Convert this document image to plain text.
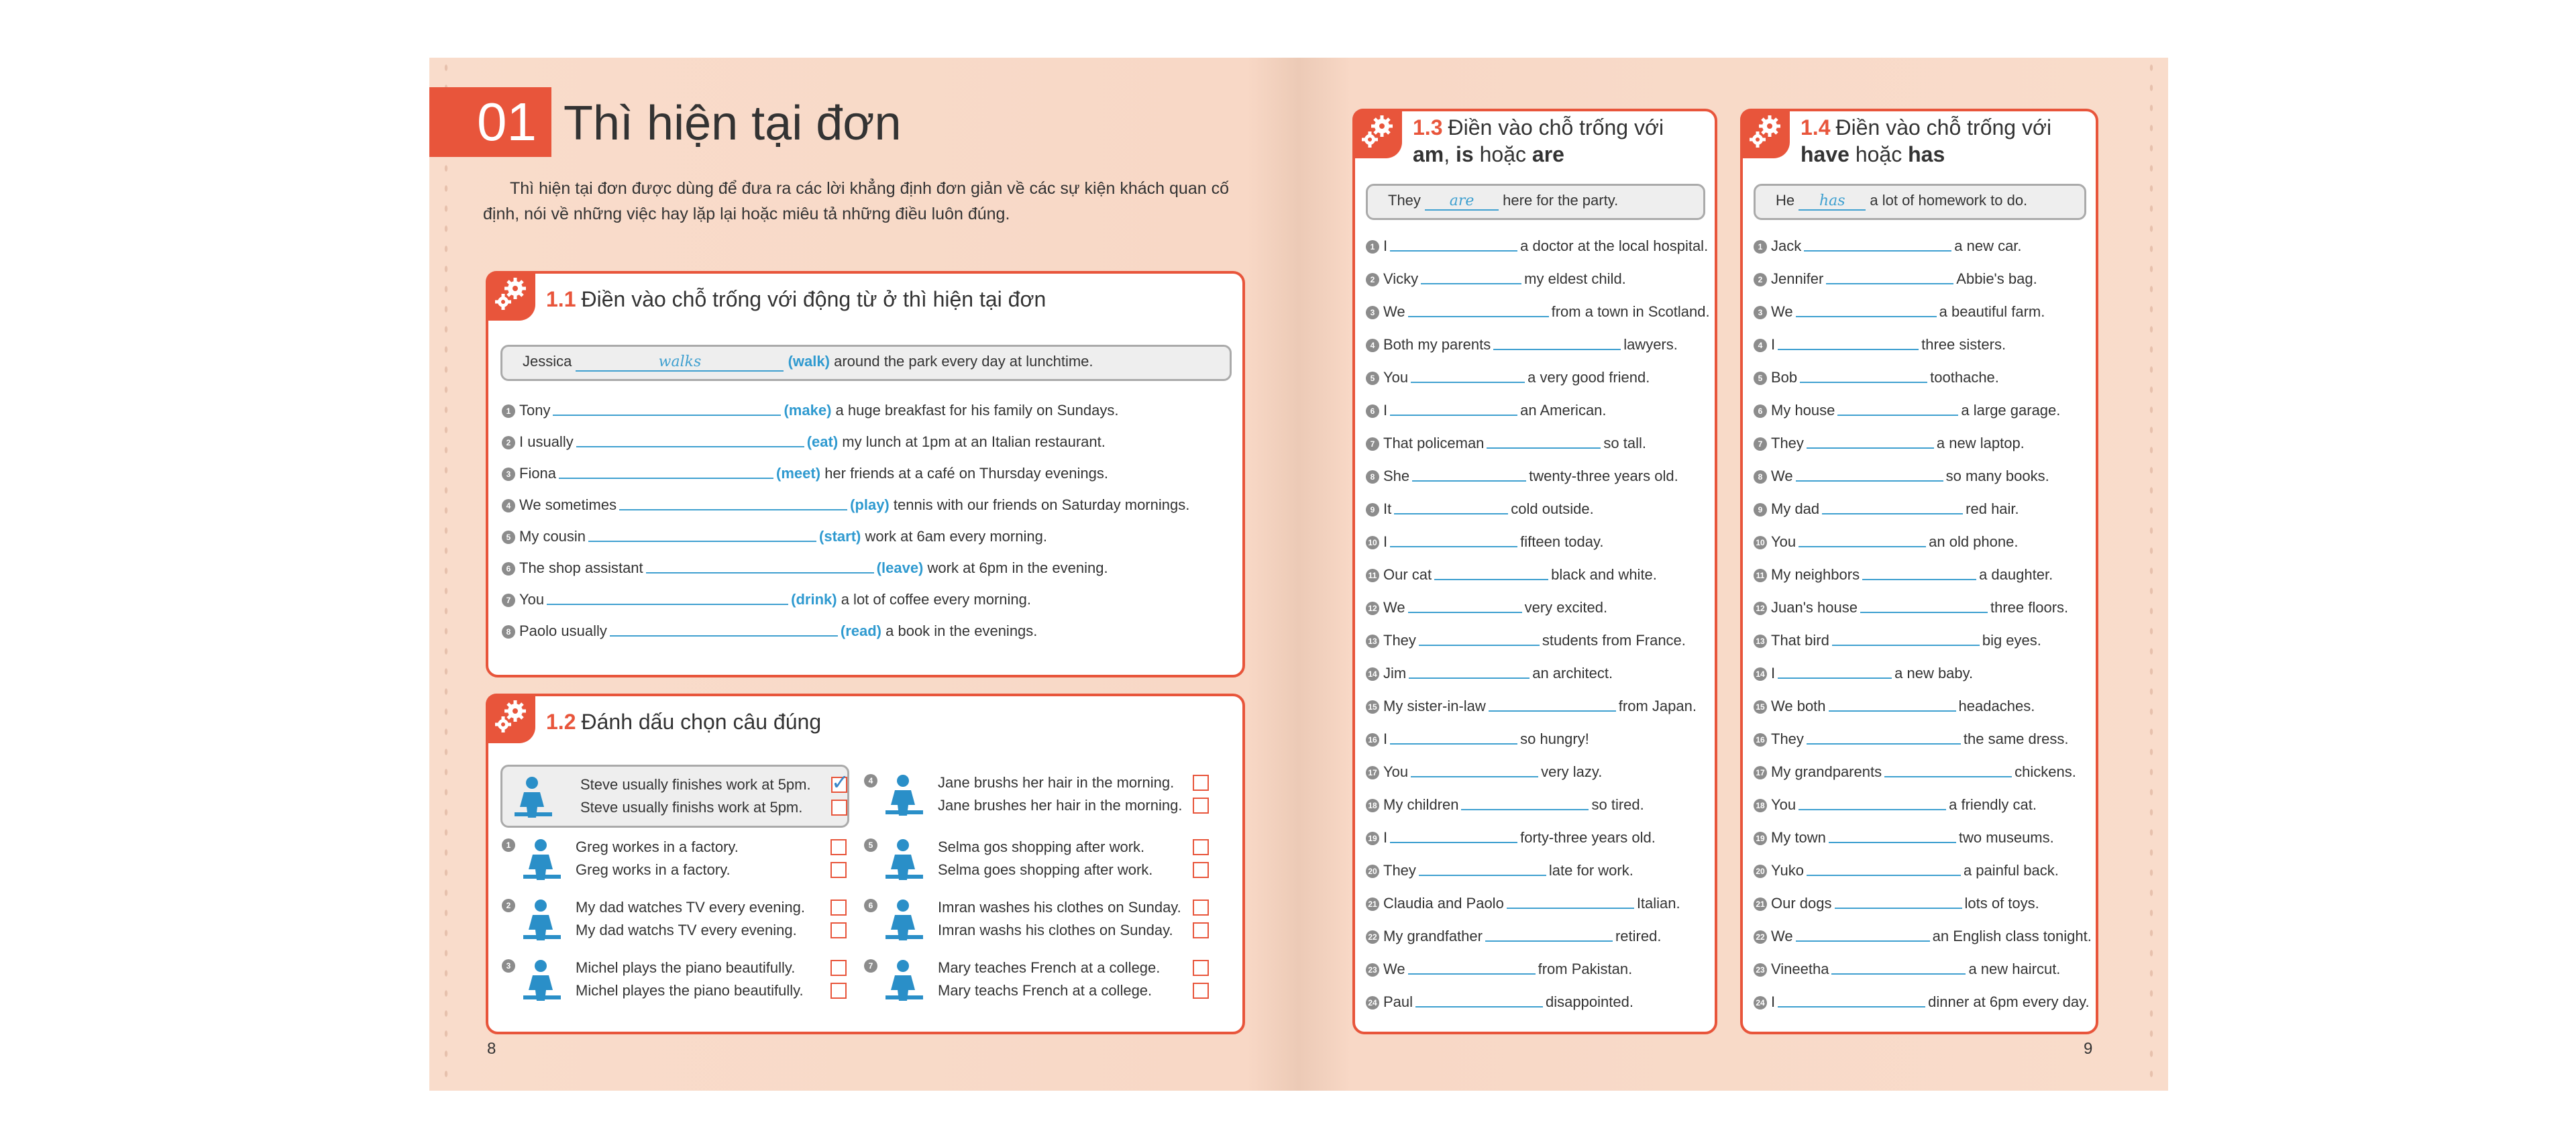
01 Thì hiện tại đơn
Thì hiện tại đơn được dùng để đưa ra các lời khẳng định đơn giản về các sự kiện khách quan cố định, nói về những việc hay lặp lại hoặc miêu tả những điều luôn đúng.
1.1 Điền vào chỗ trống với động từ ở thì hiện tại đơn
Jessica	walks	(walk) around the park every day at lunchtime.
1 Tony	(make) a huge breakfast for his family on Sundays.
2 I usually	(eat) my lunch at 1pm at an Italian restaurant.
3 Fiona	(meet) her friends at a café on Thursday evenings.
4 We sometimes	(play) tennis with our friends on Saturday mornings.
5 My cousin	(start) work at 6am every morning.
6 The shop assistant	(leave) work at 6pm in the evening.
7 You	(drink) a lot of coffee every morning.
8 Paolo usually	(read) a book in the evenings.
1.2 Đánh dấu chọn câu đúng
Steve usually finishes work at 5pm.
Steve usually finishs work at 5pm.
✓
1	Greg workes in a factory.
Greg works in a factory.
2	My dad watches TV every evening.
My dad watchs TV every evening.
3	Michel plays the piano beautifully.
Michel playes the piano beautifully.
4	Jane brushs her hair in the morning.
Jane brushes her hair in the morning.
5	Selma gos shopping after work.
Selma goes shopping after work.
6	Imran washes his clothes on Sunday.
Imran washs his clothes on Sunday.
7	Mary teaches French at a college.
Mary teachs French at a college.
8
1.3 Điền vào chỗ trống với
am, is hoặc are
They are here for the party.
1 I	a doctor at the local hospital.
2 Vicky	my eldest child.
3 We	from a town in Scotland.
4 Both my parents	lawyers.
5 You	a very good friend.
6 I	an American.
7 That policeman	so tall.
8 She	twenty-three years old.
9 It	cold outside.
10 I	fifteen today.
11 Our cat	black and white.
12 We	very excited.
13 They	students from France.
14 Jim	an architect.
15 My sister-in-law	from Japan.
16 I	so hungry!
17 You	very lazy.
18 My children	so tired.
19 I	forty-three years old.
20 They	late for work.
21 Claudia and Paolo	Italian.
22 My grandfather	retired.
23 We	from Pakistan.
24 Paul	disappointed.
1.4 Điền vào chỗ trống với
have hoặc has
He has a lot of homework to do.
1 Jack	a new car.
2 Jennifer	Abbie's bag.
3 We	a beautiful farm.
4 I	three sisters.
5 Bob	toothache.
6 My house	a large garage.
7 They	a new laptop.
8 We	so many books.
9 My dad	red hair.
10 You	an old phone.
11 My neighbors	a daughter.
12 Juan's house	three floors.
13 That bird	big eyes.
14 I	a new baby.
15 We both	headaches.
16 They	the same dress.
17 My grandparents	chickens.
18 You	a friendly cat.
19 My town	two museums.
20 Yuko	a painful back.
21 Our dogs	lots of toys.
22 We	an English class tonight.
23 Vineetha	a new haircut.
24 I	dinner at 6pm every day.
9
